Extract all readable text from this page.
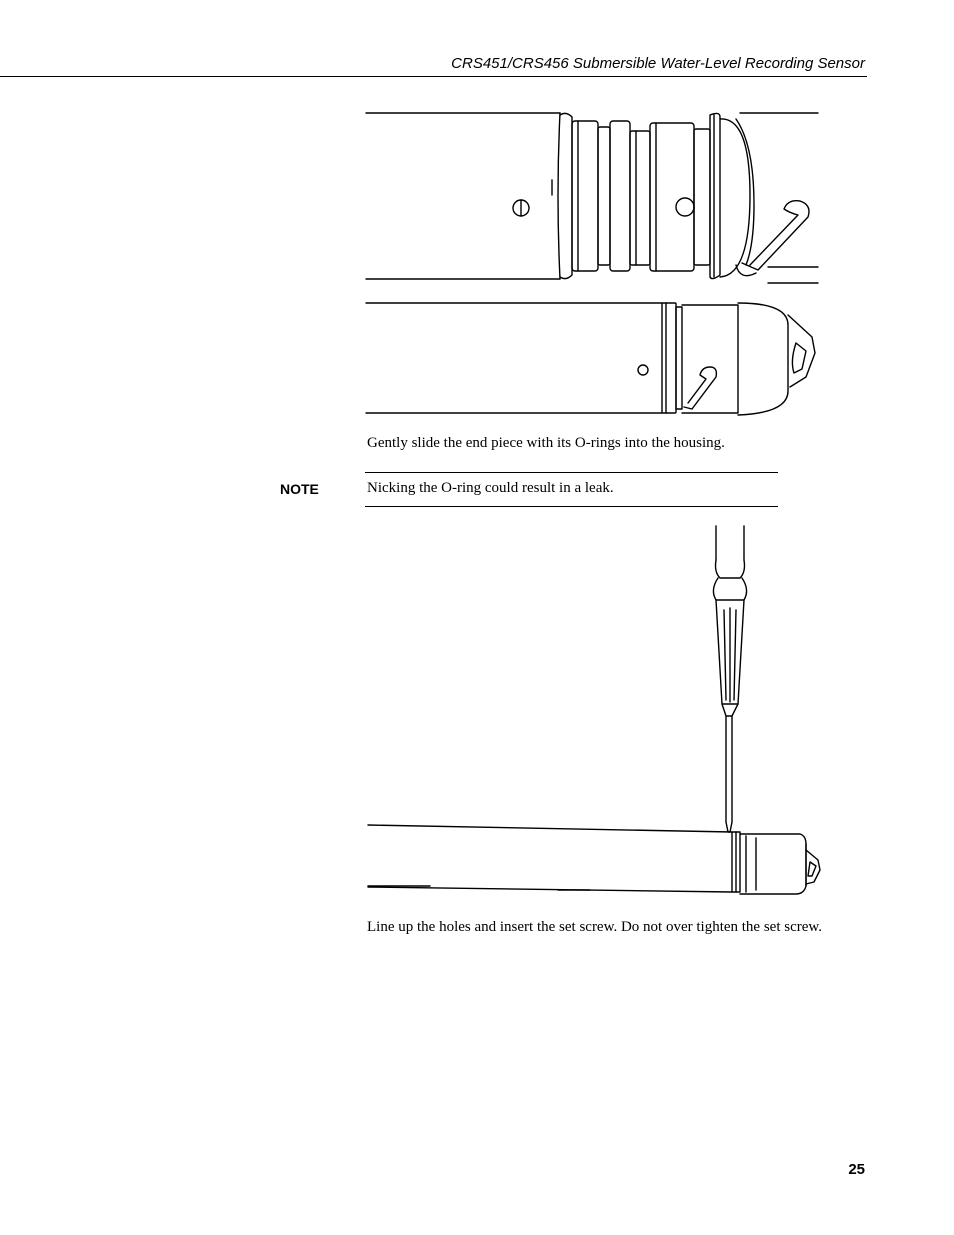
CRS451/CRS456 Submersible Water-Level Recording Sensor
Gently slide the end piece with its O-rings into the housing.
NOTE	Nicking the O-ring could result in a leak.
Line up the holes and insert the set screw. Do not over tighten the set screw.
25
